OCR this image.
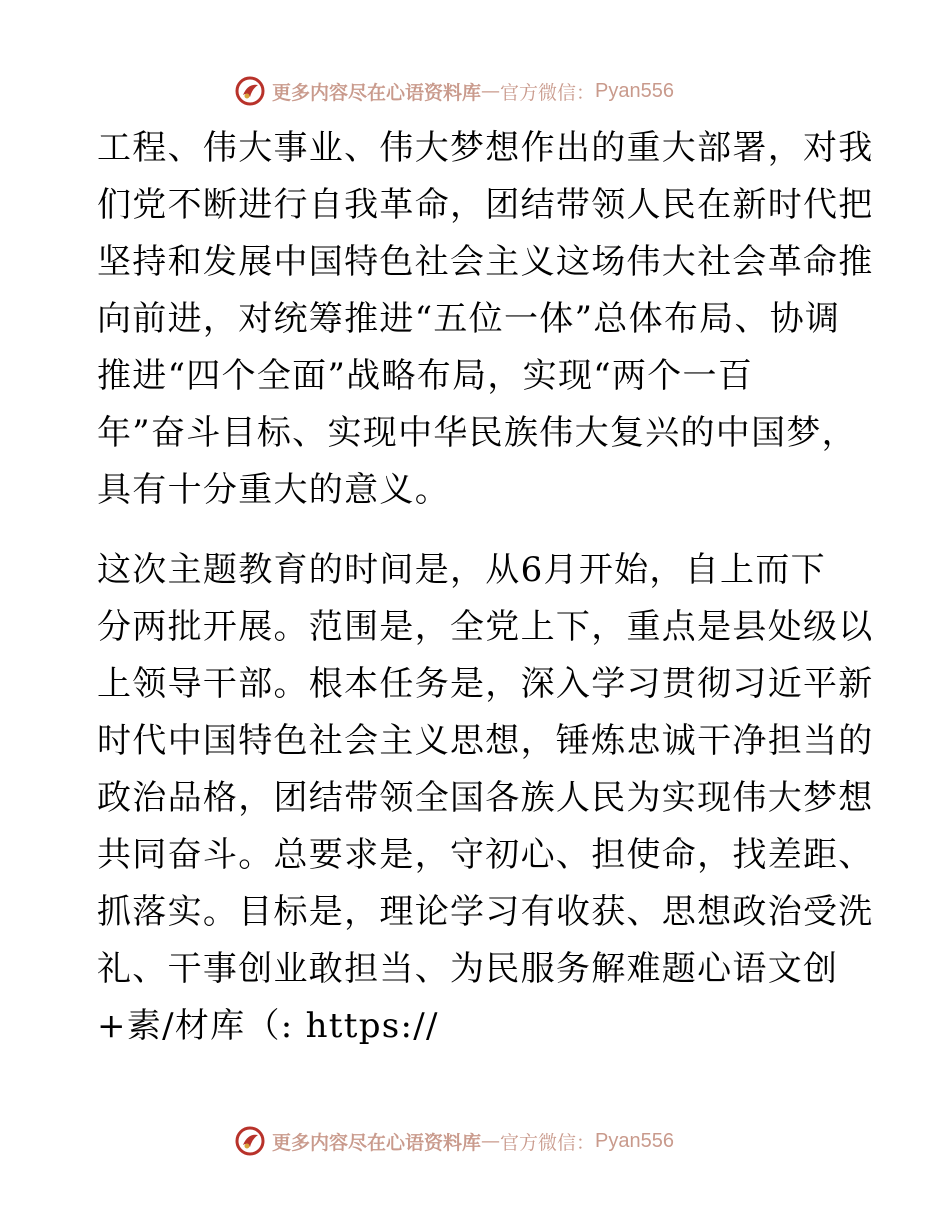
更多内容尽在心语资料库 — 官方微信： Pyan556
工程、伟大事业、伟大梦想作出的重大部署，对我
们党不断进行自我革命，团结带领人民在新时代把
坚持和发展中国特色社会主义这场伟大社会革命推
向前进，对统筹推进“五位一体”总体布局、协调
推进“四个全面”战略布局，实现“两个一百
年”奋斗目标、实现中华民族伟大复兴的中国梦，
具有十分重大的意义。
这次主题教育的时间是，从6月开始，自上而下
分两批开展。范围是，全党上下，重点是县处级以
上领导干部。根本任务是，深入学习贯彻习近平新
时代中国特色社会主义思想，锤炼忠诚干净担当的
政治品格，团结带领全国各族人民为实现伟大梦想
共同奋斗。总要求是，守初心、担使命，找差距、
抓落实。目标是，理论学习有收获、思想政治受洗
礼、干事创业敢担当、为民服务解难题心语文创
+素/材库（: https://
更多内容尽在心语资料库 — 官方微信： Pyan556
